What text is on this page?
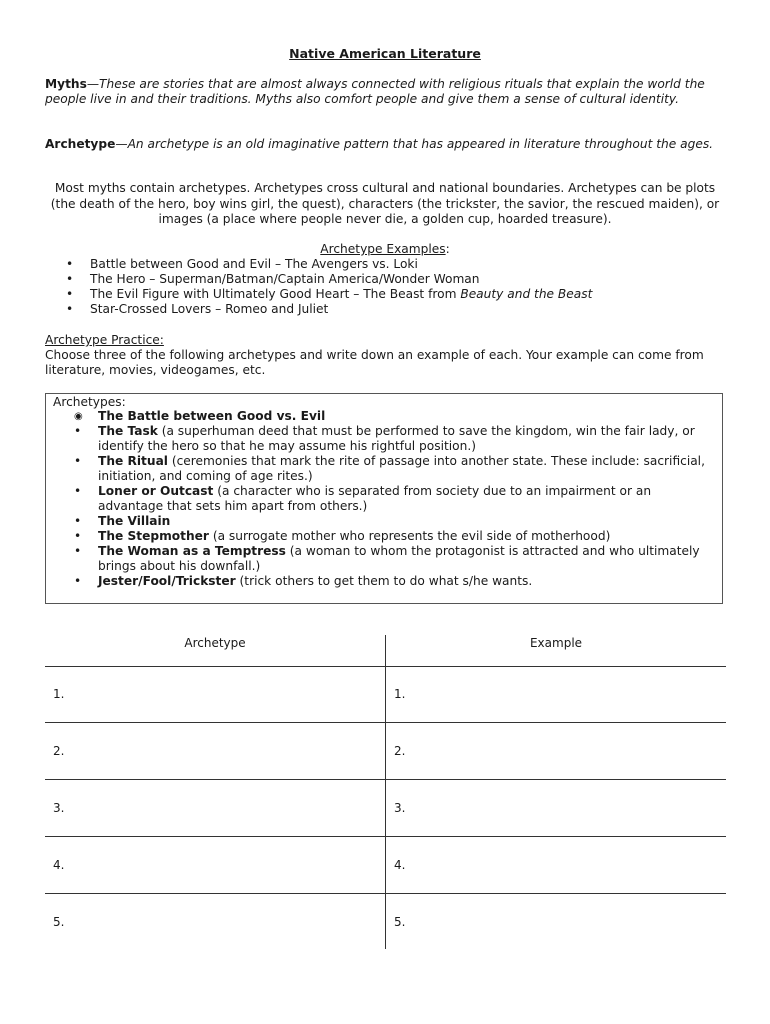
Native American Literature
Myths—These are stories that are almost always connected with religious rituals that explain the world the people live in and their traditions. Myths also comfort people and give them a sense of cultural identity.
Archetype—An archetype is an old imaginative pattern that has appeared in literature throughout the ages.
Most myths contain archetypes. Archetypes cross cultural and national boundaries. Archetypes can be plots (the death of the hero, boy wins girl, the quest), characters (the trickster, the savior, the rescued maiden), or images (a place where people never die, a golden cup, hoarded treasure).
Archetype Examples:
• Battle between Good and Evil – The Avengers vs. Loki
• The Hero – Superman/Batman/Captain America/Wonder Woman
• The Evil Figure with Ultimately Good Heart – The Beast from Beauty and the Beast
• Star-Crossed Lovers – Romeo and Juliet
Archetype Practice:
Choose three of the following archetypes and write down an example of each. Your example can come from literature, movies, videogames, etc.
Archetypes:
◉ The Battle between Good vs. Evil
• The Task (a superhuman deed that must be performed to save the kingdom, win the fair lady, or identify the hero so that he may assume his rightful position.)
• The Ritual (ceremonies that mark the rite of passage into another state. These include: sacrificial, initiation, and coming of age rites.)
• Loner or Outcast (a character who is separated from society due to an impairment or an advantage that sets him apart from others.)
• The Villain
• The Stepmother (a surrogate mother who represents the evil side of motherhood)
• The Woman as a Temptress (a woman to whom the protagonist is attracted and who ultimately brings about his downfall.)
• Jester/Fool/Trickster (trick others to get them to do what s/he wants.
Archetype	Example
1.	1.
2.	2.
3.	3.
4.	4.
5.	5.
